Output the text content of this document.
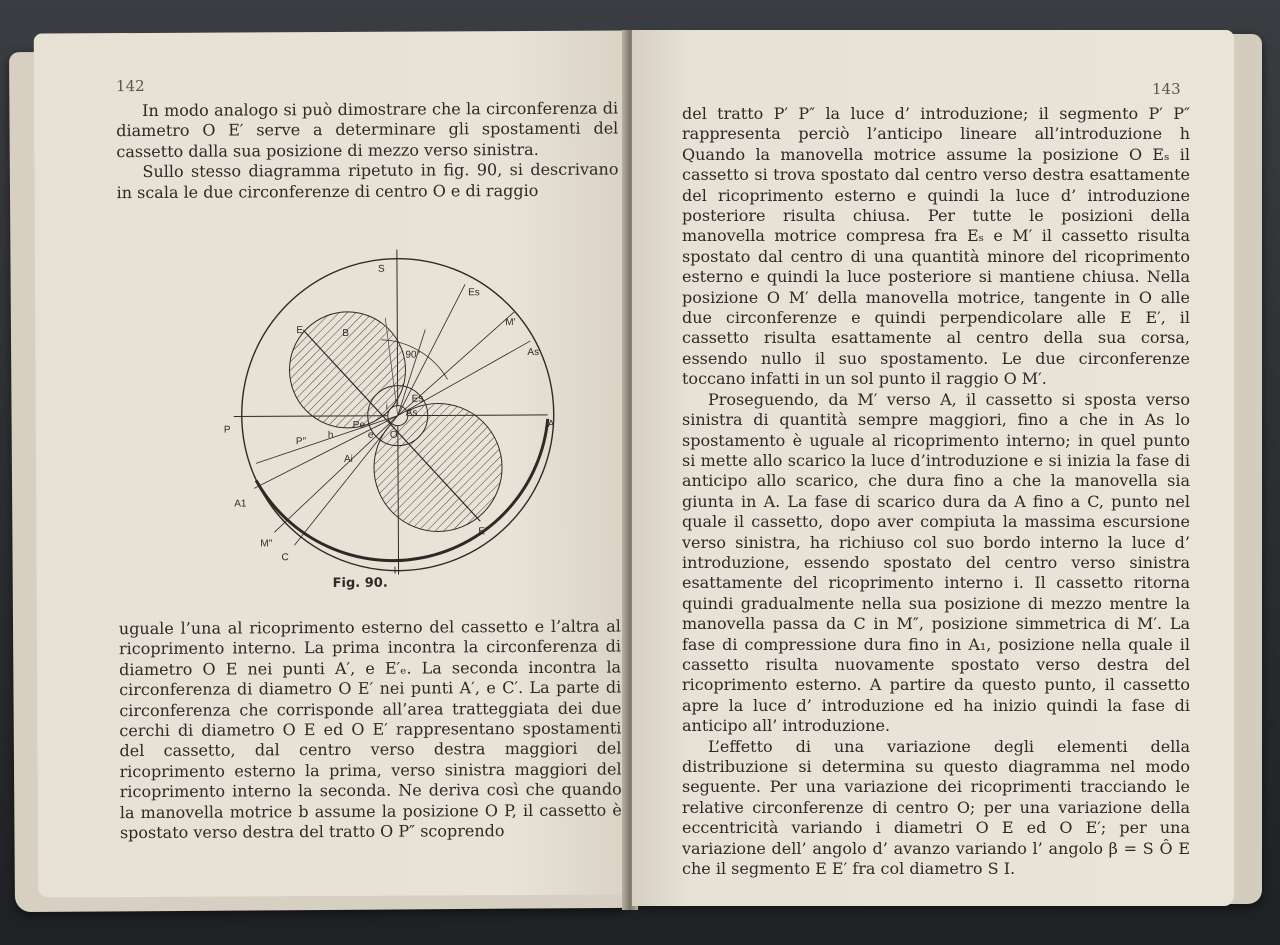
142

In modo analogo si può dimostrare che la circonferenza di diametro O E′ serve a determinare gli spostamenti del cassetto dalla sua posizione di mezzo verso sinistra.

Sullo stesso diagramma ripetuto in fig. 90, si descrivano in scala le due circonferenze di centro O e di raggio

S
Es
M′
As
A
E	B
90°
Es
As
P	Pe
P″
h	e O
i
A1
Ai
M″
C
E′
I

Fig. 90.

uguale l’una al ricoprimento esterno del cassetto e l’altra al ricoprimento interno. La prima incontra la circonferenza di diametro O E nei punti A′, e E′ₑ. La seconda incontra la circonferenza di diametro O E′ nei punti A′, e C′. La parte di circonferenza che corrisponde all’area tratteggiata dei due cerchi di diametro O E ed O E′ rappresentano spostamenti del cassetto, dal centro verso destra maggiori del ricoprimento esterno la prima, verso sinistra maggiori del ricoprimento interno la seconda. Ne deriva così che quando la manovella motrice b assume la posizione O P, il cassetto è spostato verso destra del tratto O P″ scoprendo

143

del tratto P′ P″ la luce d’ introduzione; il segmento P′ P″ rappresenta perciò l’anticipo lineare all’introduzione h Quando la manovella motrice assume la posizione O Eₛ il cassetto si trova spostato dal centro verso destra esattamente del ricoprimento esterno e quindi la luce d’ introduzione posteriore risulta chiusa. Per tutte le posizioni della manovella motrice compresa fra Eₛ e M′ il cassetto risulta spostato dal centro di una quantità minore del ricoprimento esterno e quindi la luce posteriore si mantiene chiusa. Nella posizione O M′ della manovella motrice, tangente in O alle due circonferenze e quindi perpendicolare alle E E′, il cassetto risulta esattamente al centro della sua corsa, essendo nullo il suo spostamento. Le due circonferenze toccano infatti in un sol punto il raggio O M′.

Proseguendo, da M′ verso A, il cassetto si sposta verso sinistra di quantità sempre maggiori, fino a che in As lo spostamento è uguale al ricoprimento interno; in quel punto si mette allo scarico la luce d’introduzione e si inizia la fase di anticipo allo scarico, che dura fino a che la manovella sia giunta in A. La fase di scarico dura da A fino a C, punto nel quale il cassetto, dopo aver compiuta la massima escursione verso sinistra, ha richiuso col suo bordo interno la luce d’ introduzione, essendo spostato del centro verso sinistra esattamente del ricoprimento interno i. Il cassetto ritorna quindi gradualmente nella sua posizione di mezzo mentre la manovella passa da C in M″, posizione simmetrica di M′. La fase di compressione dura fino in A₁, posizione nella quale il cassetto risulta nuovamente spostato verso destra del ricoprimento esterno. A partire da questo punto, il cassetto apre la luce d’ introduzione ed ha inizio quindi la fase di anticipo all’ introduzione.

L’effetto di una variazione degli elementi della distribuzione si determina su questo diagramma nel modo seguente. Per una variazione dei ricoprimenti tracciando le relative circonferenze di centro O; per una variazione della eccentricità variando i diametri O E ed O E′; per una variazione dell’ angolo d’ avanzo variando l’ angolo β = S Ô E che il segmento E E′ fra col diametro S I.
